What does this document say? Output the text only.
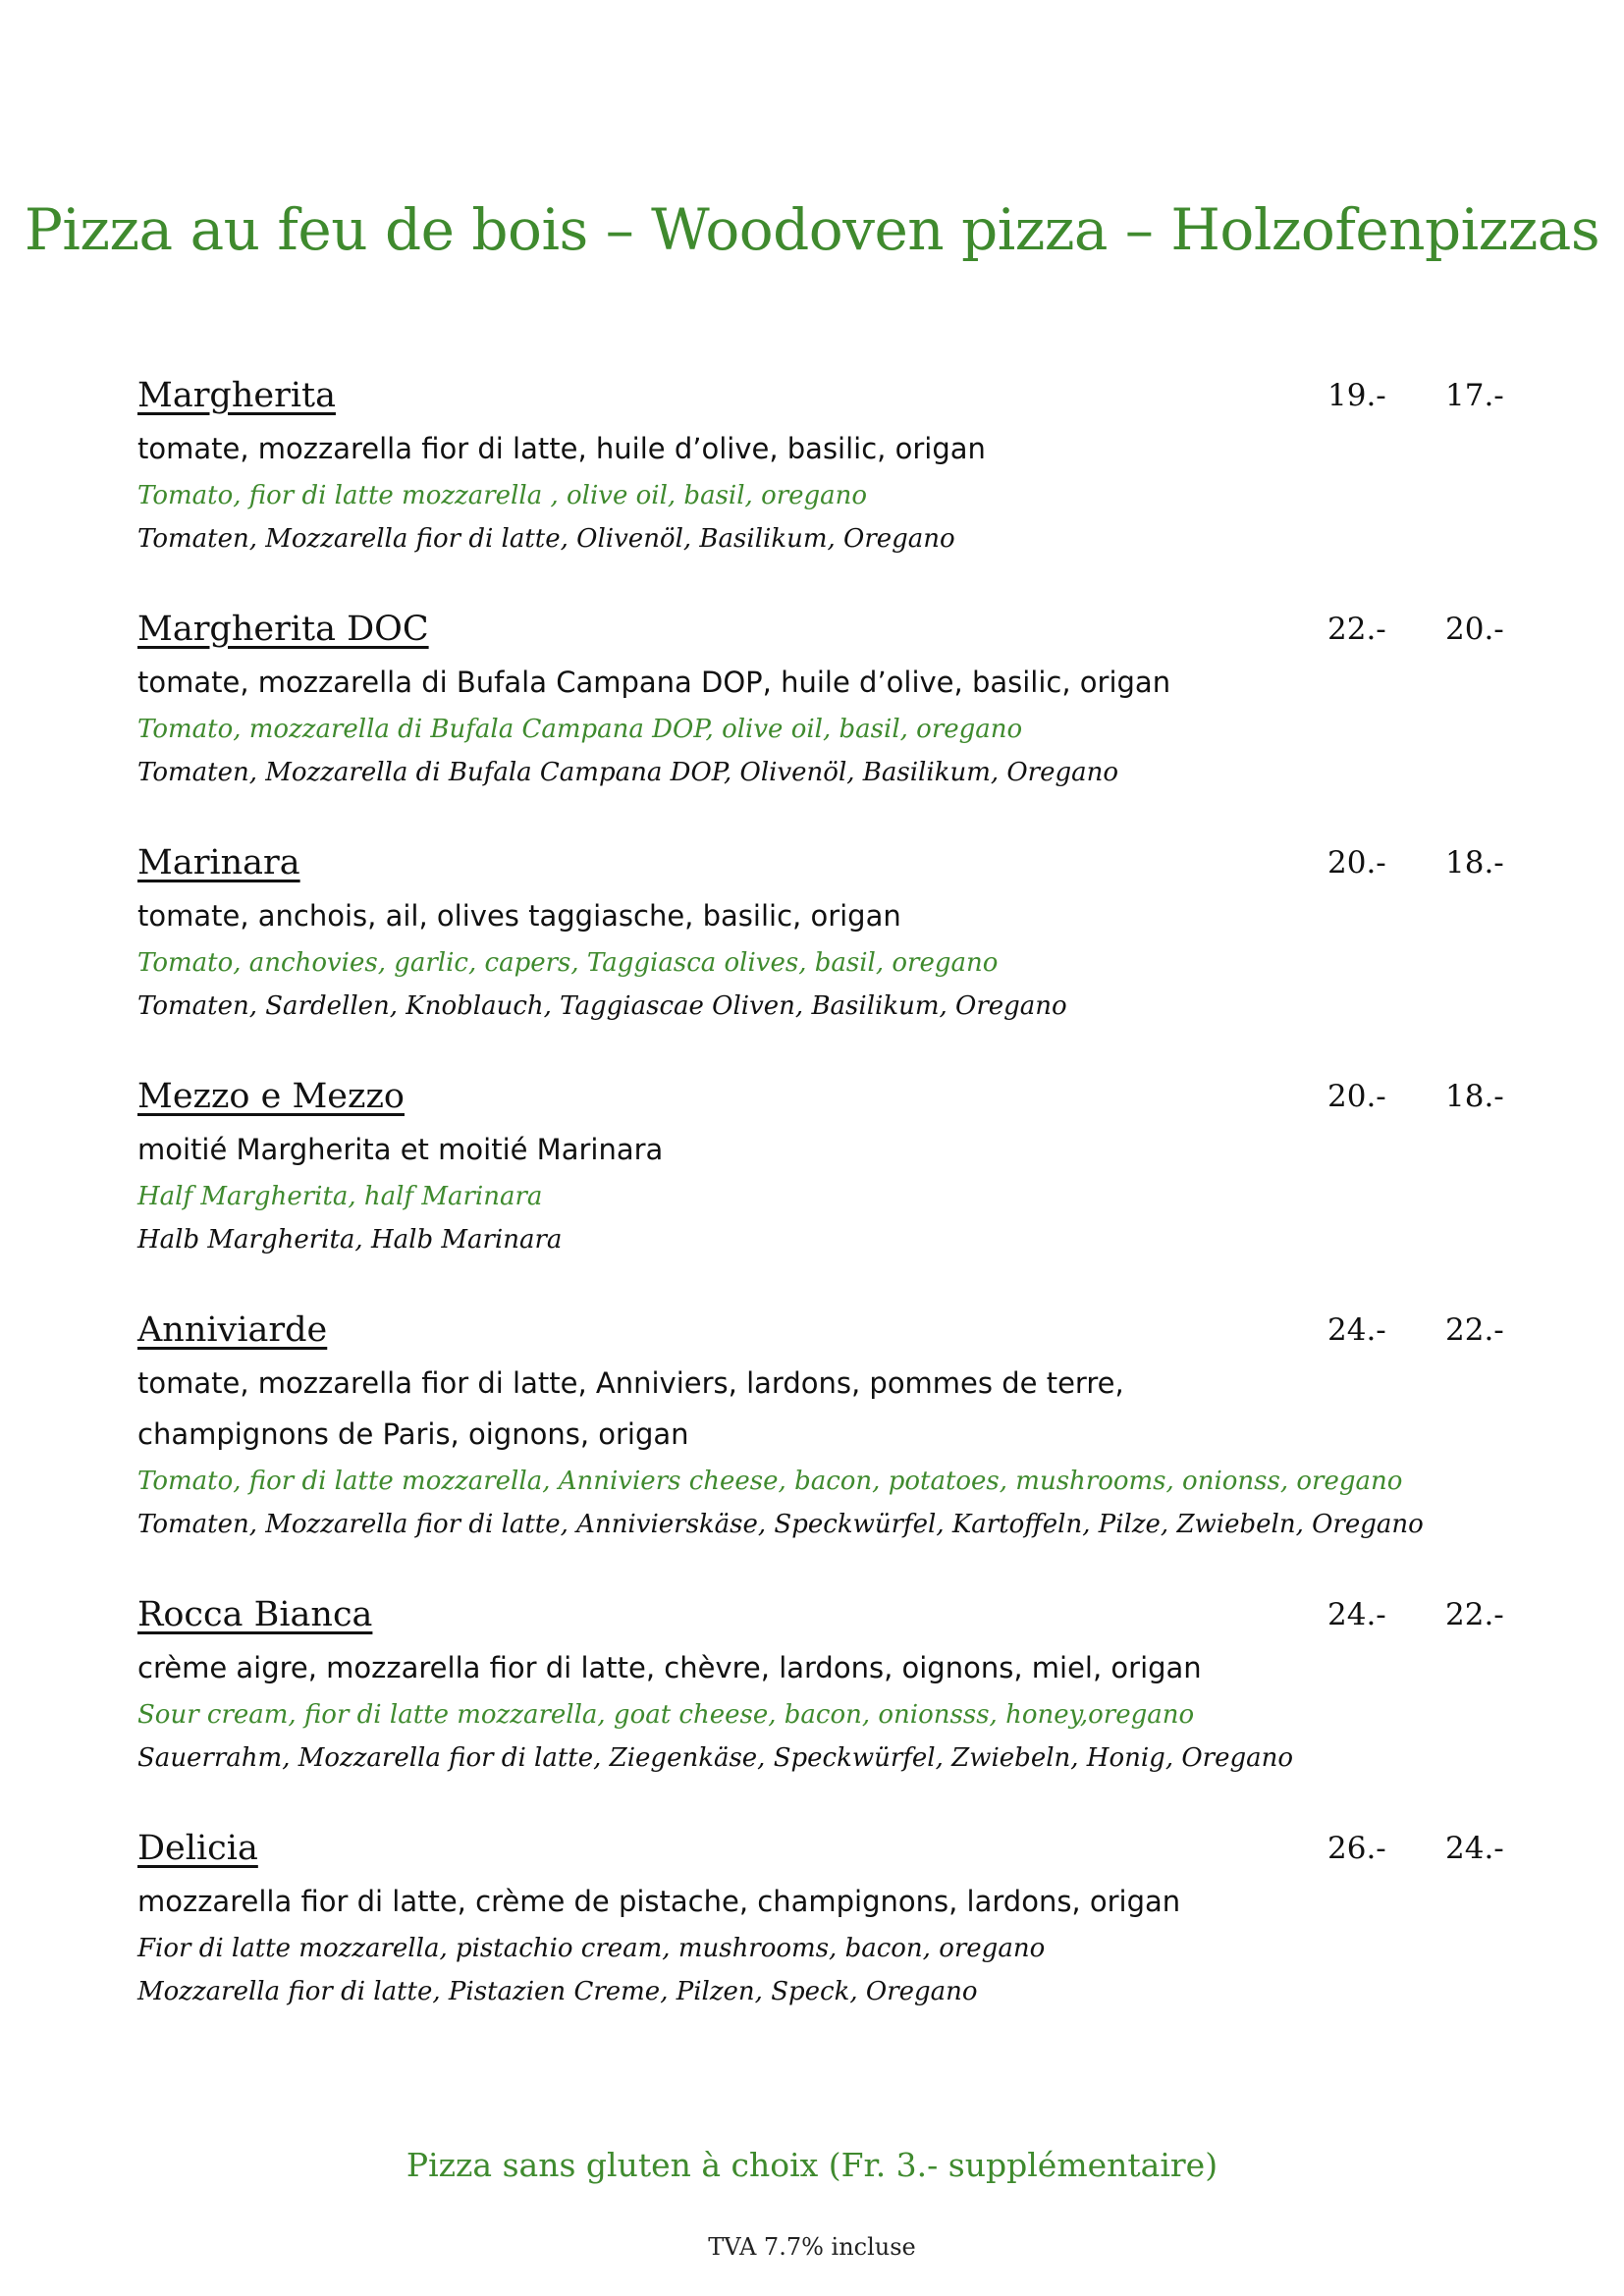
Pizza au feu de bois – Woodoven pizza – Holzofenpizzas
Margherita	19.- 17.-
tomate, mozzarella fior di latte, huile d’olive, basilic, origan
Tomato, fior di latte mozzarella , olive oil, basil, oregano
Tomaten, Mozzarella fior di latte, Olivenöl, Basilikum, Oregano
Margherita DOC	22.- 20.-
tomate, mozzarella di Bufala Campana DOP, huile d’olive, basilic, origan
Tomato, mozzarella di Bufala Campana DOP, olive oil, basil, oregano
Tomaten, Mozzarella di Bufala Campana DOP, Olivenöl, Basilikum, Oregano
Marinara	20.- 18.-
tomate, anchois, ail, olives taggiasche, basilic, origan
Tomato, anchovies, garlic, capers, Taggiasca olives, basil, oregano
Tomaten, Sardellen, Knoblauch, Taggiascae Oliven, Basilikum, Oregano
Mezzo e Mezzo	20.- 18.-
moitié Margherita et moitié Marinara
Half Margherita, half Marinara
Halb Margherita, Halb Marinara
Anniviarde	24.- 22.-
tomate, mozzarella fior di latte, Anniviers, lardons, pommes de terre, champignons de Paris, oignons, origan
Tomato, fior di latte mozzarella, Anniviers cheese, bacon, potatoes, mushrooms, onionss, oregano
Tomaten, Mozzarella fior di latte, Annivierskäse, Speckwürfel, Kartoffeln, Pilze, Zwiebeln, Oregano
Rocca Bianca	24.- 22.-
crème aigre, mozzarella fior di latte, chèvre, lardons, oignons, miel, origan
Sour cream, fior di latte mozzarella, goat cheese, bacon, onionsss, honey,oregano
Sauerrahm, Mozzarella fior di latte, Ziegenkäse, Speckwürfel, Zwiebeln, Honig, Oregano
Delicia	26.- 24.-
mozzarella fior di latte, crème de pistache, champignons, lardons, origan
Fior di latte mozzarella, pistachio cream, mushrooms, bacon, oregano
Mozzarella fior di latte, Pistazien Creme, Pilzen, Speck, Oregano
Pizza sans gluten à choix (Fr. 3.- supplémentaire)
TVA 7.7% incluse
